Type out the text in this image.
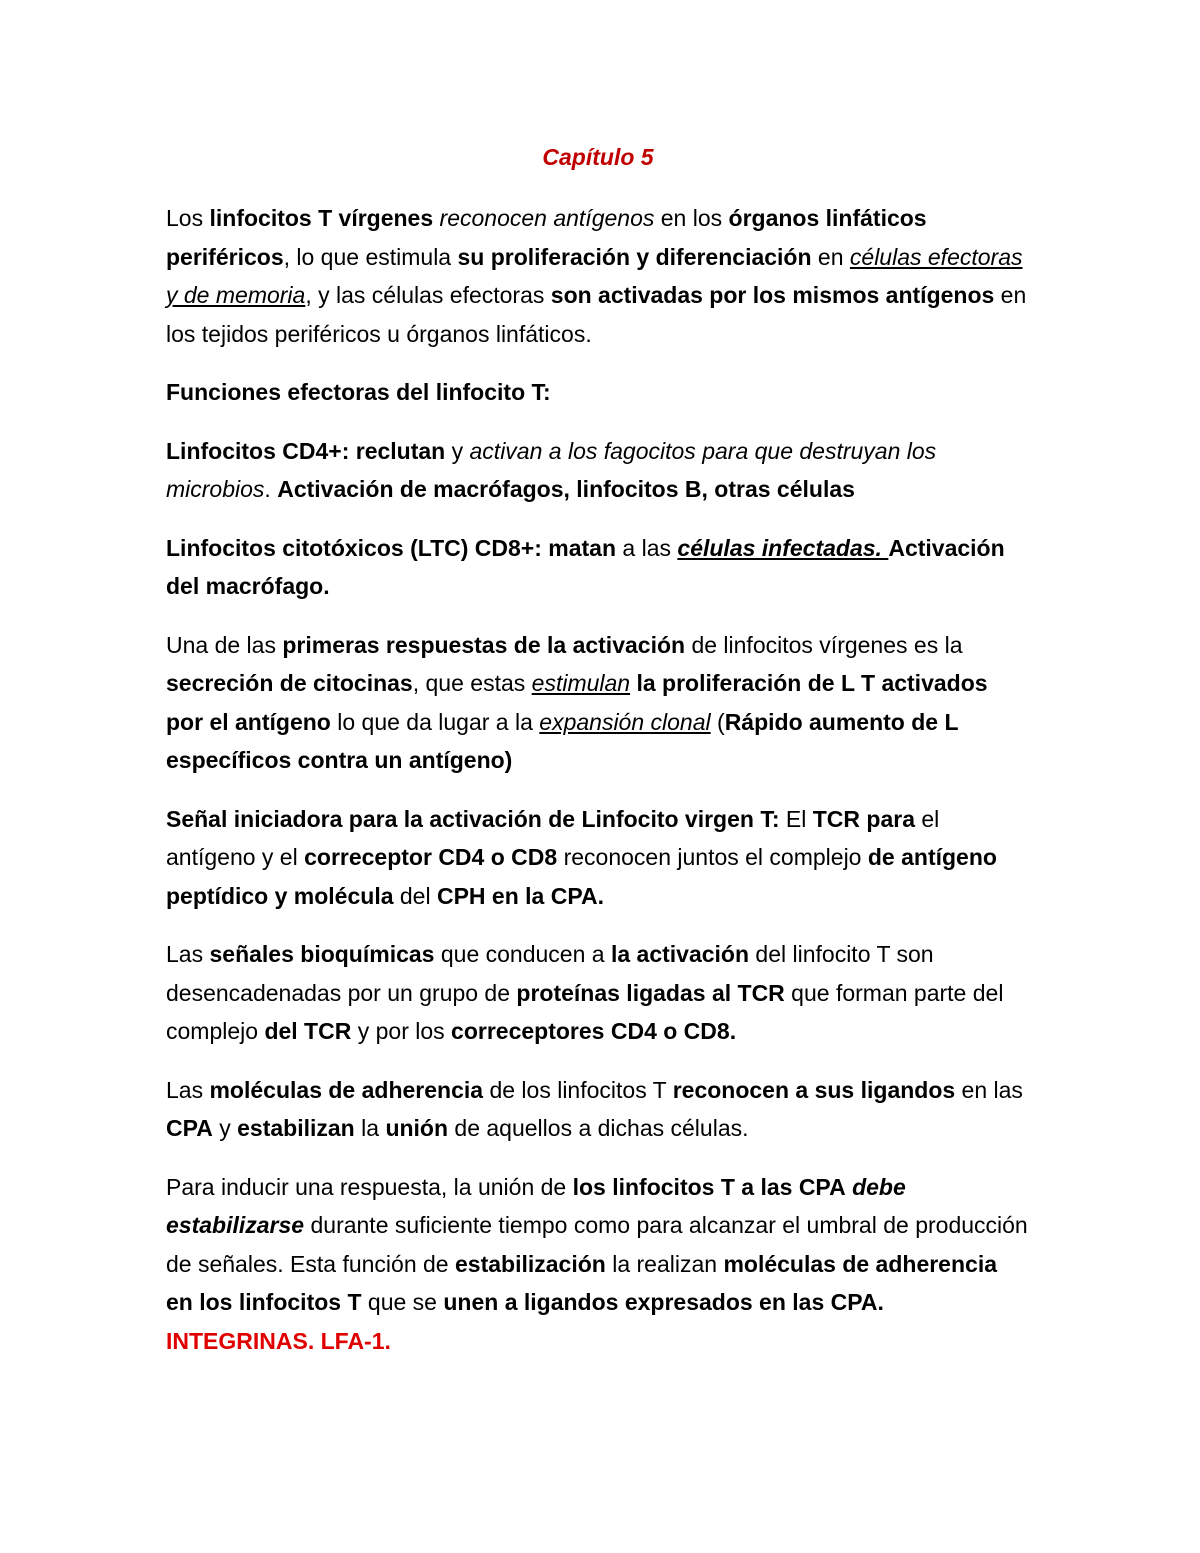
Capítulo 5

Los linfocitos T vírgenes reconocen antígenos en los órganos linfáticos periféricos, lo que estimula su proliferación y diferenciación en células efectoras y de memoria, y las células efectoras son activadas por los mismos antígenos en los tejidos periféricos u órganos linfáticos.

Funciones efectoras del linfocito T:

Linfocitos CD4+: reclutan y activan a los fagocitos para que destruyan los microbios. Activación de macrófagos, linfocitos B, otras células

Linfocitos citotóxicos (LTC) CD8+: matan a las células infectadas. Activación del macrófago.

Una de las primeras respuestas de la activación de linfocitos vírgenes es la secreción de citocinas, que estas estimulan la proliferación de L T activados por el antígeno lo que da lugar a la expansión clonal (Rápido aumento de L específicos contra un antígeno)

Señal iniciadora para la activación de Linfocito virgen T: El TCR para el antígeno y el correceptor CD4 o CD8 reconocen juntos el complejo de antígeno peptídico y molécula del CPH en la CPA.

Las señales bioquímicas que conducen a la activación del linfocito T son desencadenadas por un grupo de proteínas ligadas al TCR que forman parte del complejo del TCR y por los correceptores CD4 o CD8.

Las moléculas de adherencia de los linfocitos T reconocen a sus ligandos en las CPA y estabilizan la unión de aquellos a dichas células.

Para inducir una respuesta, la unión de los linfocitos T a las CPA debe estabilizarse durante suficiente tiempo como para alcanzar el umbral de producción de señales. Esta función de estabilización la realizan moléculas de adherencia en los linfocitos T que se unen a ligandos expresados en las CPA. INTEGRINAS. LFA-1.
